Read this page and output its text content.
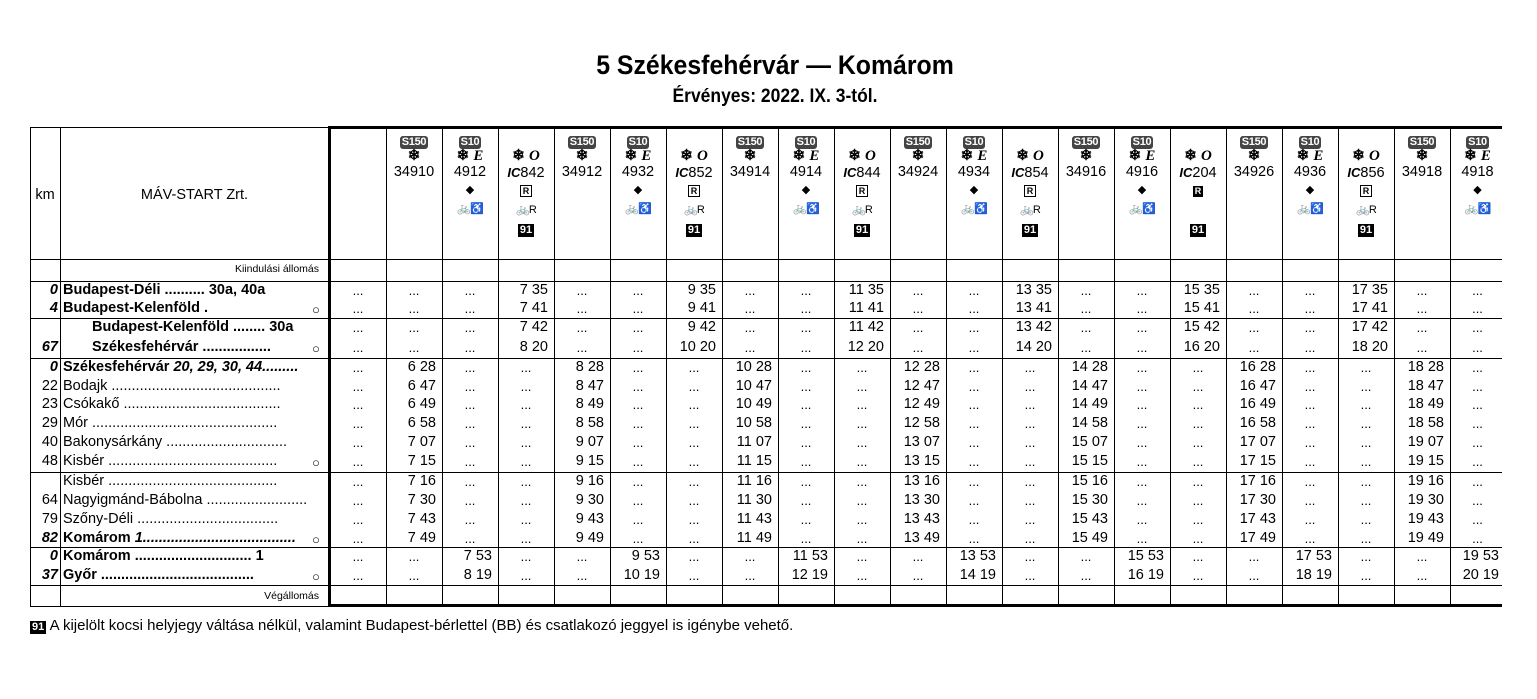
5 Székesfehérvár — Komárom
Érvényes: 2022. IX. 3-tól.
km	MÁV-START Zrt.
Kiindulási állomás
Végállomás
S150
❄
34910
S10
❄ E
4912
◆
🚲♿
❄ O
IC842
R
🚲R
91
S150
❄
34912
S10
❄ E
4932
◆
🚲♿
❄ O
IC852
R
🚲R
91
S150
❄
34914
S10
❄ E
4914
◆
🚲♿
❄ O
IC844
R
🚲R
91
S150
❄
34924
S10
❄ E
4934
◆
🚲♿
❄ O
IC854
R
🚲R
91
S150
❄
34916
S10
❄ E
4916
◆
🚲♿
❄ O
IC204
R
91
S150
❄
34926
S10
❄ E
4936
◆
🚲♿
❄ O
IC856
R
🚲R
91
S150
❄
34918
S10
❄ E
4918
◆
🚲♿
0 Budapest-Déli .......... 30a, 40a	...	...	...	7 35	...	...	9 35	...	...	11 35	...	...	13 35	...	...	15 35	...	...	17 35	...	...
4 Budapest-Kelenföld .	○	...	...	...	7 41	...	...	9 41	...	...	11 41	...	...	13 41	...	...	15 41	...	...	17 41	...	...
Budapest-Kelenföld ........ 30a	...	...	...	7 42	...	...	9 42	...	...	11 42	...	...	13 42	...	...	15 42	...	...	17 42	...	...
67 Székesfehérvár .................	○	...	...	...	8 20	...	...	10 20	...	...	12 20	...	...	14 20	...	...	16 20	...	...	18 20	...	...
0 Székesfehérvár 20, 29, 30, 44.........	...	6 28	...	...	8 28	...	...	10 28	...	...	12 28	...	...	14 28	...	...	16 28	...	...	18 28	...
22 Bodajk ..........................................	...	6 47	...	...	8 47	...	...	10 47	...	...	12 47	...	...	14 47	...	...	16 47	...	...	18 47	...
23 Csókakő .......................................	...	6 49	...	...	8 49	...	...	10 49	...	...	12 49	...	...	14 49	...	...	16 49	...	...	18 49	...
29 Mór ..............................................	...	6 58	...	...	8 58	...	...	10 58	...	...	12 58	...	...	14 58	...	...	16 58	...	...	18 58	...
40 Bakonysárkány ..............................	...	7 07	...	...	9 07	...	...	11 07	...	...	13 07	...	...	15 07	...	...	17 07	...	...	19 07	...
48 Kisbér ..........................................	○	...	7 15	...	...	9 15	...	...	11 15	...	...	13 15	...	...	15 15	...	...	17 15	...	...	19 15	...
Kisbér ..........................................	...	7 16	...	...	9 16	...	...	11 16	...	...	13 16	...	...	15 16	...	...	17 16	...	...	19 16	...
64 Nagyigmánd-Bábolna .........................	...	7 30	...	...	9 30	...	...	11 30	...	...	13 30	...	...	15 30	...	...	17 30	...	...	19 30	...
79 Szőny-Déli ...................................	...	7 43	...	...	9 43	...	...	11 43	...	...	13 43	...	...	15 43	...	...	17 43	...	...	19 43	...
82 Komárom 1......................................	○	...	7 49	...	...	9 49	...	...	11 49	...	...	13 49	...	...	15 49	...	...	17 49	...	...	19 49	...
0 Komárom ............................. 1	...	...	7 53	...	...	9 53	...	...	11 53	...	...	13 53	...	...	15 53	...	...	17 53	...	...	19 53
37 Győr ......................................	○	...	...	8 19	...	...	10 19	...	...	12 19	...	...	14 19	...	...	16 19	...	...	18 19	...	...	20 19
91 A kijelölt kocsi helyjegy váltása nélkül, valamint Budapest-bérlettel (BB) és csatlakozó jeggyel is igénybe vehető.
